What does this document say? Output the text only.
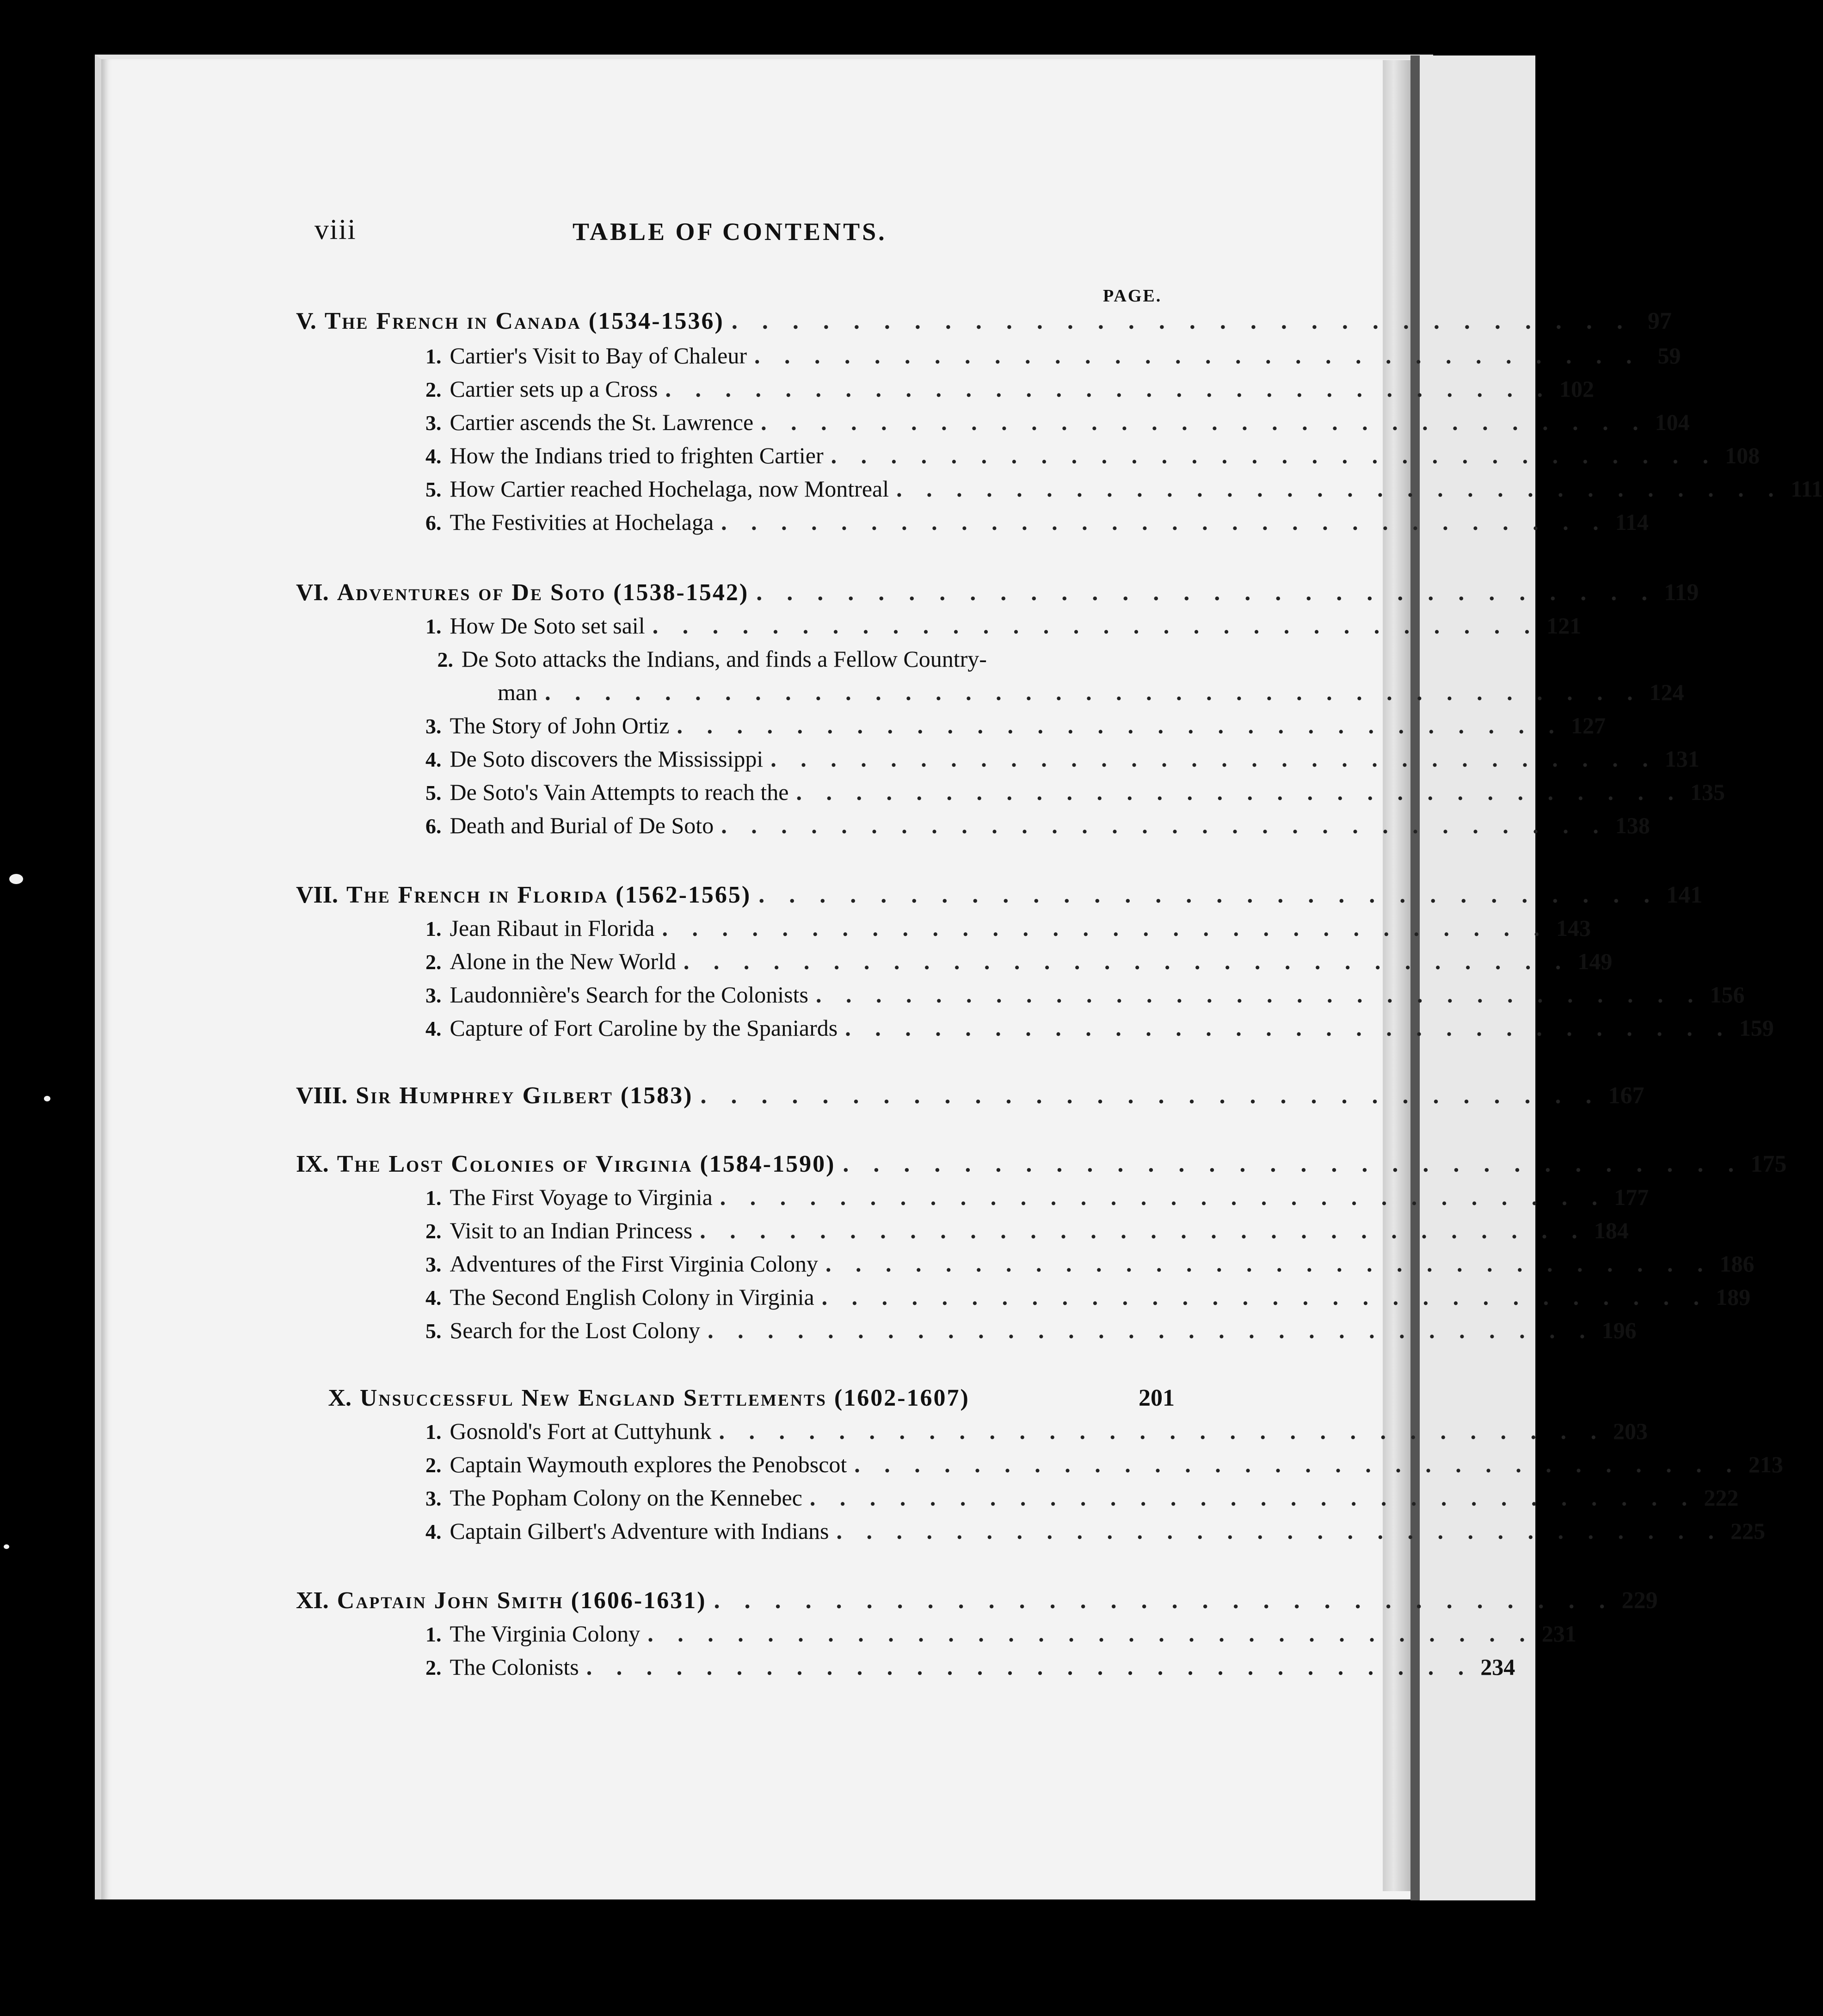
viii	TABLE OF CONTENTS.
PAGE.
V. The French in Canada (1534-1536) . . . . . . . . . . . . . . . . . . . . . . . . . . . . . . 97
1. Cartier's Visit to Bay of Chaleur . . . . . . . . . . . . . . . . . . . . . . . . . . . . . . 59
2. Cartier sets up a Cross . . . . . . . . . . . . . . . . . . . . . . . . . . . . . . 102
3. Cartier ascends the St. Lawrence . . . . . . . . . . . . . . . . . . . . . . . . . . . . . . 104
4. How the Indians tried to frighten Cartier . . . . . . . . . . . . . . . . . . . . . . . . . . . . . . 108
5. How Cartier reached Hochelaga, now Montreal . . . . . . . . . . . . . . . . . . . . . . . . . . . . . . 111
6. The Festivities at Hochelaga . . . . . . . . . . . . . . . . . . . . . . . . . . . . . . 114
VI. Adventures of De Soto (1538-1542) . . . . . . . . . . . . . . . . . . . . . . . . . . . . . . 119
1. How De Soto set sail . . . . . . . . . . . . . . . . . . . . . . . . . . . . . . 121
2. De Soto attacks the Indians, and finds a Fellow Country-
man . . . . . . . . . . . . . . . . . . . . . . . . . . . . . . . . . . . . . 124
3. The Story of John Ortiz . . . . . . . . . . . . . . . . . . . . . . . . . . . . . . 127
4. De Soto discovers the Mississippi . . . . . . . . . . . . . . . . . . . . . . . . . . . . . . 131
5. De Soto's Vain Attempts to reach the . . . . . . . . . . . . . . . . . . . . . . . . . . . . . . 135
6. Death and Burial of De Soto . . . . . . . . . . . . . . . . . . . . . . . . . . . . . . 138
VII. The French in Florida (1562-1565) . . . . . . . . . . . . . . . . . . . . . . . . . . . . . . 141
1. Jean Ribaut in Florida . . . . . . . . . . . . . . . . . . . . . . . . . . . . . . 143
2. Alone in the New World . . . . . . . . . . . . . . . . . . . . . . . . . . . . . . 149
3. Laudonnière's Search for the Colonists . . . . . . . . . . . . . . . . . . . . . . . . . . . . . . 156
4. Capture of Fort Caroline by the Spaniards . . . . . . . . . . . . . . . . . . . . . . . . . . . . . . 159
VIII. Sir Humphrey Gilbert (1583) . . . . . . . . . . . . . . . . . . . . . . . . . . . . . . 167
IX. The Lost Colonies of Virginia (1584-1590) . . . . . . . . . . . . . . . . . . . . . . . . . . . . . . 175
1. The First Voyage to Virginia . . . . . . . . . . . . . . . . . . . . . . . . . . . . . . 177
2. Visit to an Indian Princess . . . . . . . . . . . . . . . . . . . . . . . . . . . . . . 184
3. Adventures of the First Virginia Colony . . . . . . . . . . . . . . . . . . . . . . . . . . . . . . 186
4. The Second English Colony in Virginia . . . . . . . . . . . . . . . . . . . . . . . . . . . . . . 189
5. Search for the Lost Colony . . . . . . . . . . . . . . . . . . . . . . . . . . . . . . 196
X. Unsuccessful New England Settlements (1602-1607)	201
1. Gosnold's Fort at Cuttyhunk . . . . . . . . . . . . . . . . . . . . . . . . . . . . . . 203
2. Captain Waymouth explores the Penobscot . . . . . . . . . . . . . . . . . . . . . . . . . . . . . . 213
3. The Popham Colony on the Kennebec . . . . . . . . . . . . . . . . . . . . . . . . . . . . . . 222
4. Captain Gilbert's Adventure with Indians . . . . . . . . . . . . . . . . . . . . . . . . . . . . . . 225
XI. Captain John Smith (1606-1631) . . . . . . . . . . . . . . . . . . . . . . . . . . . . . . 229
1. The Virginia Colony . . . . . . . . . . . . . . . . . . . . . . . . . . . . . . 231
2. The Colonists . . . . . . . . . . . . . . . . . . . . . . . . . . . . . . 234
